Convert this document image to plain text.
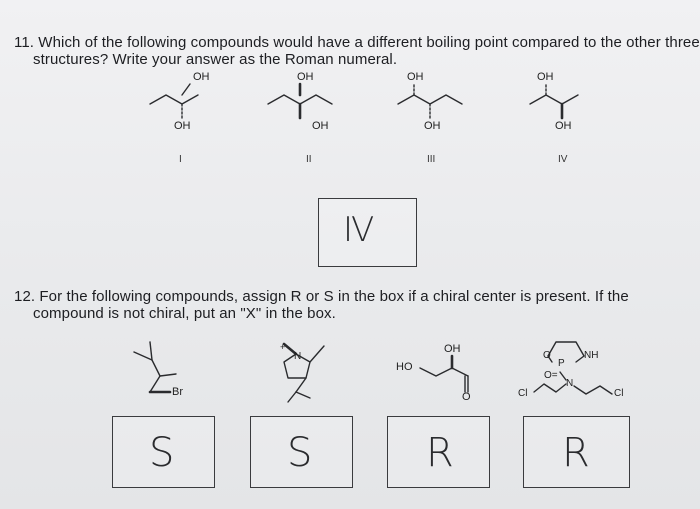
11. Which of the following compounds would have a different boiling point compared to the other three
structures? Write your answer as the Roman numeral.
OH
OH
I
OH
OH
II
OH
OH
III
OH
OH
IV
IV
12. For the following compounds, assign R or S in the box if a chiral center is present. If the
compound is not chiral, put an "X" in the box.
Br
N
+
HO
OH
O
O
P
NH
O=
N
Cl	Cl
S	S	R	R
